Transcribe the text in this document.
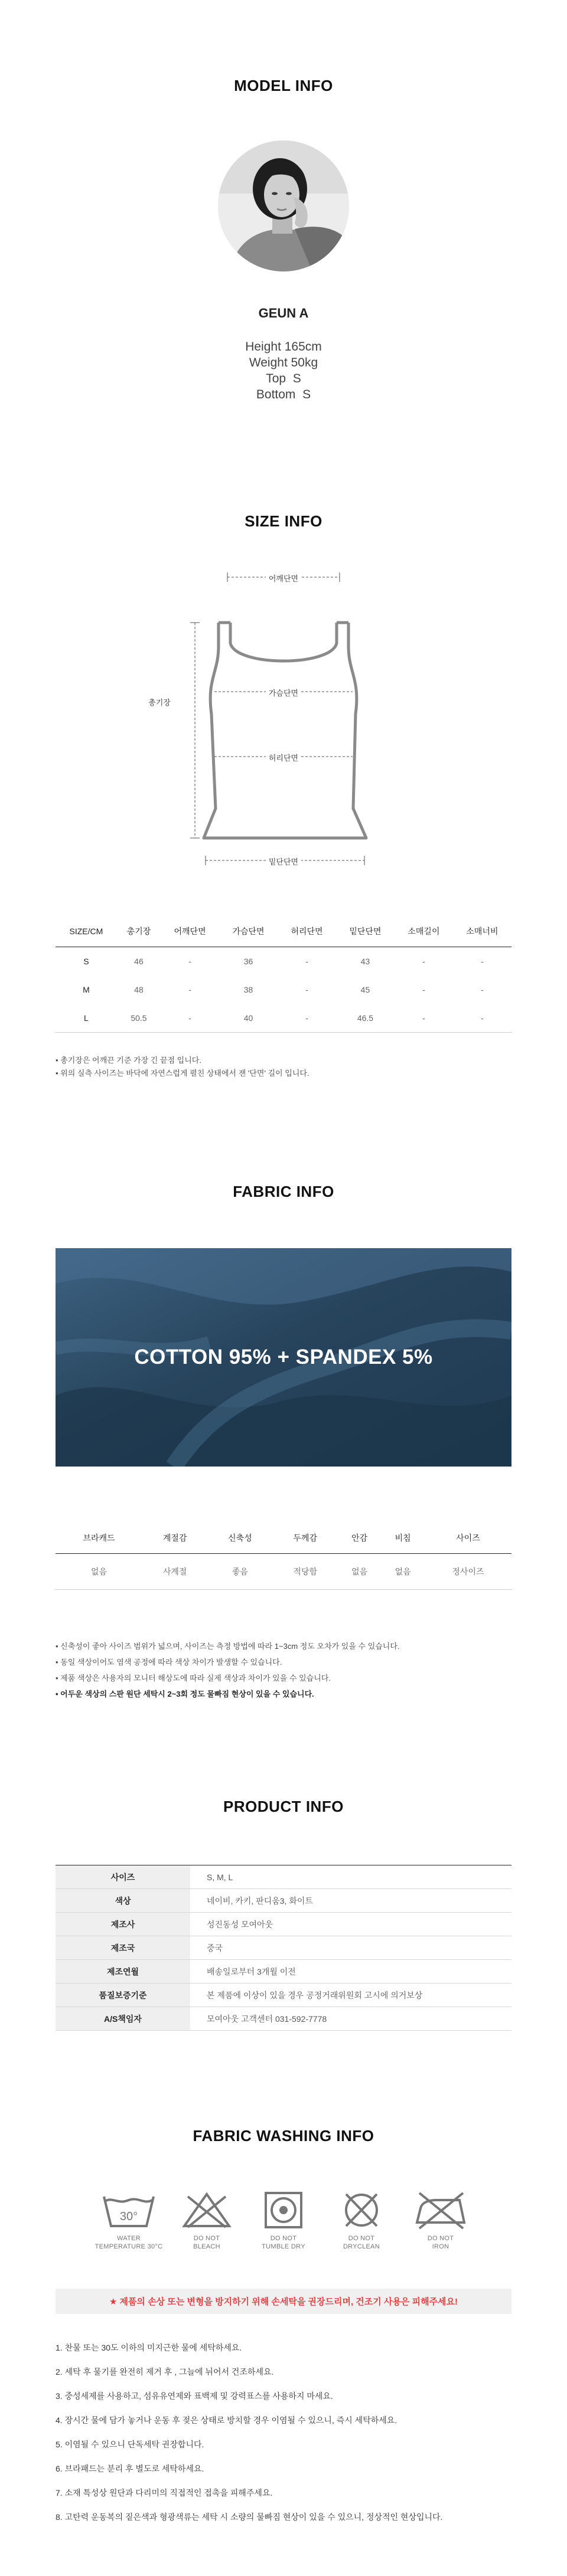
MODEL INFO
GEUN A
Height 165cm
Weight 50kg
Top  S
Bottom  S
SIZE INFO
어깨단면
가슴단면
허리단면
밑단단면
총기장
SIZE/CM	총기장	어깨단면	가슴단면	허리단면	밑단단면	소매길이	소매너비
S	46	-	36	-	43	-	-
M	48	-	38	-	45	-	-
L	50.5	-	40	-	46.5	-	-

• 총기장은 어깨끈 기준 가장 긴 끝점 입니다.

• 위의 실측 사이즈는 바닥에 자연스럽게 펼친 상태에서 잰 '단면' 길이 입니다.

FABRIC INFO
COTTON 95% + SPANDEX 5%
브라캐드	계절감	신축성	두께감	안감	비침	사이즈
없음	사계절	좋음	적당함	없음	없음	정사이즈

• 신축성이 좋아 사이즈 범위가 넓으며, 사이즈는 측정 방법에 따라 1~3cm 정도 오차가 있을 수 있습니다.

• 동일 색상이어도 염색 공정에 따라 색상 차이가 발생할 수 있습니다.

• 제품 색상은 사용자의 모니터 해상도에 따라 실제 색상과 차이가 있을 수 있습니다.

• 어두운 색상의 스판 원단 세탁시 2~3회 정도 물빠짐 현상이 있을 수 있습니다.

PRODUCT INFO
사이즈	S, M, L
색상	네이비, 카키, 판디움3, 화이트
제조사	성진동성 모여아웃
제조국	중국
제조연월	배송일로부터 3개월 이전
품질보증기준	본 제품에 이상이 있을 경우 공정거래위원회 고시에 의거보상
A/S책임자	모여아웃 고객센터 031-592-7778
FABRIC WASHING INFO
30°
WATER
TEMPERATURE 30°C
DO NOT
BLEACH
DO NOT
TUMBLE DRY
DO NOT
DRYCLEAN
DO NOT
IRON
★ 제품의 손상 또는 변형을 방지하기 위해 손세탁을 권장드리며, 건조기 사용은 피해주세요!

1. 찬물 또는 30도 이하의 미지근한 물에 세탁하세요.

2. 세탁 후 물기를 완전히 제거 후 , 그늘에 뉘어서 건조하세요.

3. 중성세제를 사용하고, 섬유유연제와 표백제 및 강력표스를 사용하지 마세요.

4. 장시간 물에 담가 놓거나 운동 후 젖은 상태로 방치할 경우 이염될 수 있으니, 즉시 세탁하세요.

5. 이염될 수 있으니 단독세탁 권장합니다.

6. 브라패드는 분리 후 별도로 세탁하세요.

7. 소재 특성상 원단과 다리미의 직접적인 접촉을 피해주세요.

8. 고탄력 운동복의 짙은색과 형광색류는 세탁 시 소량의 물빠짐 현상이 있을 수 있으니, 정상적인 현상입니다.
